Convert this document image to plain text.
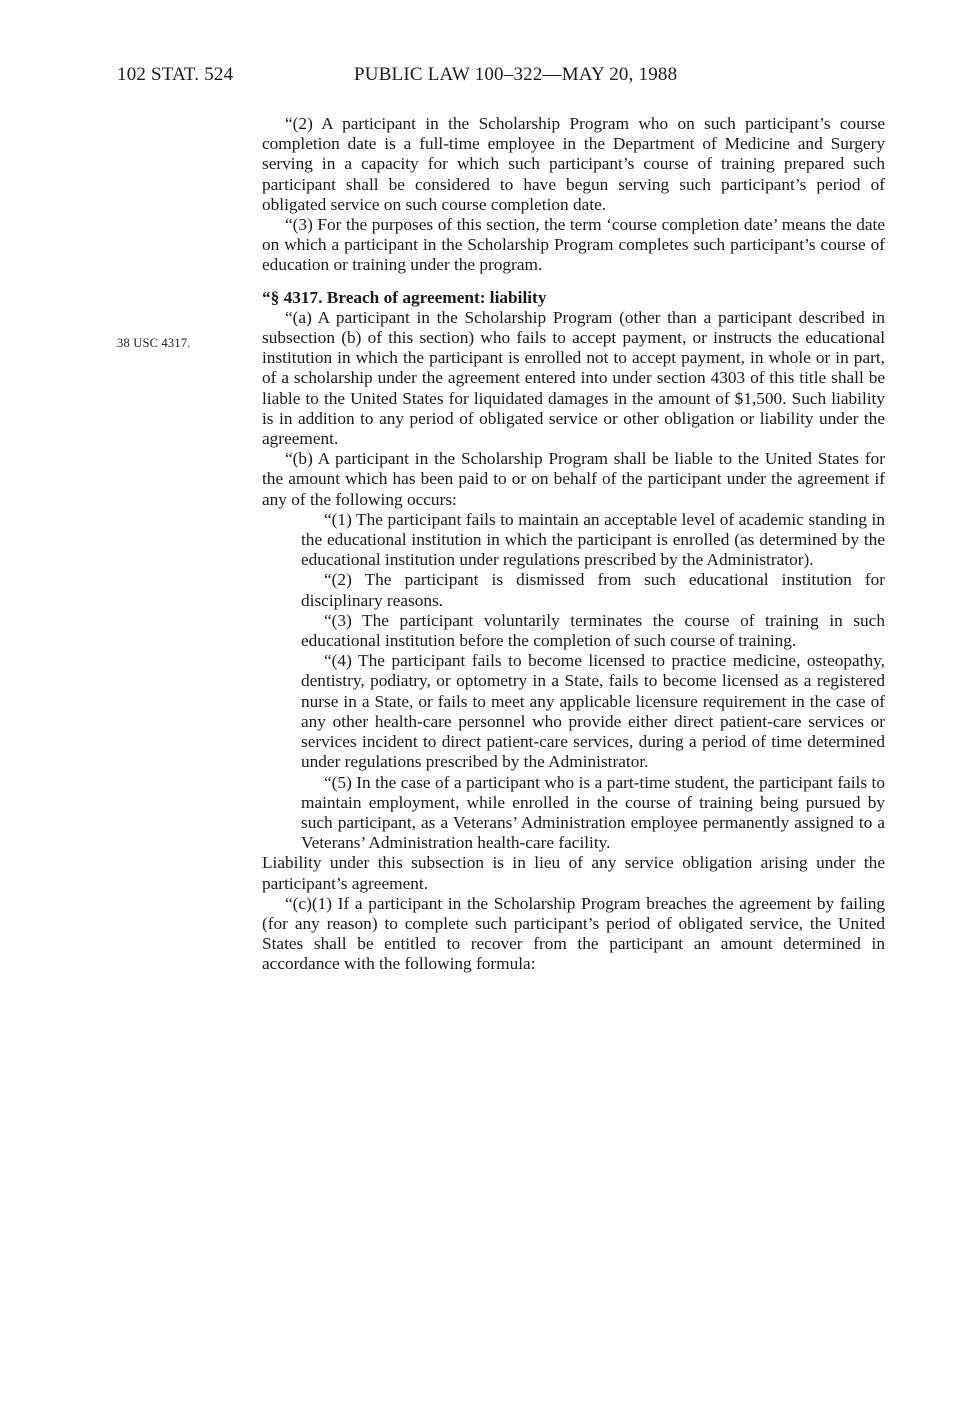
102 STAT. 524	PUBLIC LAW 100–322—MAY 20, 1988
38 USC 4317.

“(2) A participant in the Scholarship Program who on such participant’s course completion date is a full-time employee in the Department of Medicine and Surgery serving in a capacity for which such participant’s course of training prepared such participant shall be considered to have begun serving such participant’s period of obligated service on such course completion date.

“(3) For the purposes of this section, the term ‘course completion date’ means the date on which a participant in the Scholarship Program completes such participant’s course of education or training under the program.

“§ 4317. Breach of agreement: liability

“(a) A participant in the Scholarship Program (other than a participant described in subsection (b) of this section) who fails to accept payment, or instructs the educational institution in which the participant is enrolled not to accept payment, in whole or in part, of a scholarship under the agreement entered into under section 4303 of this title shall be liable to the United States for liquidated damages in the amount of $1,500. Such liability is in addition to any period of obligated service or other obligation or liability under the agreement.

“(b) A participant in the Scholarship Program shall be liable to the United States for the amount which has been paid to or on behalf of the participant under the agreement if any of the following occurs:

“(1) The participant fails to maintain an acceptable level of academic standing in the educational institution in which the participant is enrolled (as determined by the educational institution under regulations prescribed by the Administrator).

“(2) The participant is dismissed from such educational institution for disciplinary reasons.

“(3) The participant voluntarily terminates the course of training in such educational institution before the completion of such course of training.

“(4) The participant fails to become licensed to practice medicine, osteopathy, dentistry, podiatry, or optometry in a State, fails to become licensed as a registered nurse in a State, or fails to meet any applicable licensure requirement in the case of any other health-care personnel who provide either direct patient-care services or services incident to direct patient-care services, during a period of time determined under regulations prescribed by the Administrator.

“(5) In the case of a participant who is a part-time student, the participant fails to maintain employment, while enrolled in the course of training being pursued by such participant, as a Veterans’ Administration employee permanently assigned to a Veterans’ Administration health-care facility.

Liability under this subsection is in lieu of any service obligation arising under the participant’s agreement.

“(c)(1) If a participant in the Scholarship Program breaches the agreement by failing (for any reason) to complete such participant’s period of obligated service, the United States shall be entitled to recover from the participant an amount determined in accordance with the following formula:
